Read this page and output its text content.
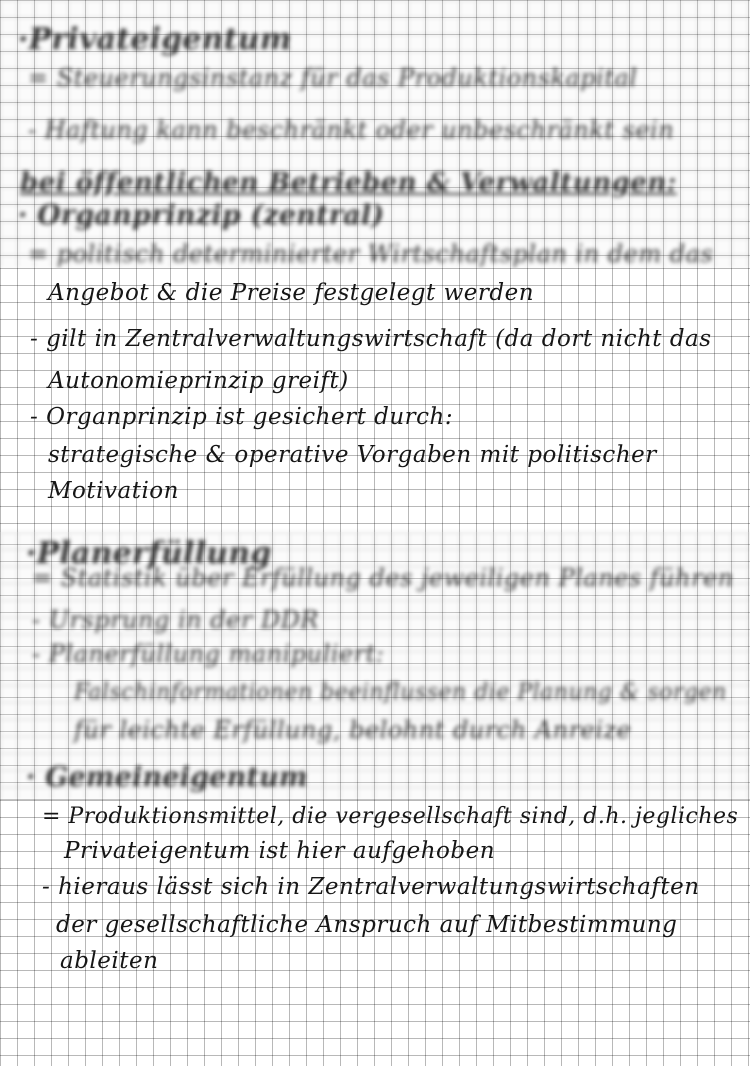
·Privateigentum
= Steuerungsinstanz für das Produktionskapital
- Haftung kann beschränkt oder unbeschränkt sein
bei öffentlichen Betrieben & Verwaltungen:
· Organprinzip (zentral)
= politisch determinierter Wirtschaftsplan in dem das
Angebot & die Preise festgelegt werden
- gilt in Zentralverwaltungswirtschaft (da dort nicht das
Autonomieprinzip greift)
- Organprinzip ist gesichert durch:
strategische & operative Vorgaben mit politischer
Motivation
·Planerfüllung
= Statistik über Erfüllung des jeweiligen Planes führen
- Ursprung in der DDR
- Planerfüllung manipuliert:
Falschinformationen beeinflussen die Planung & sorgen
für leichte Erfüllung, belohnt durch Anreize
· Gemeineigentum
= Produktionsmittel, die vergesellschaft sind, d.h. jegliches
Privateigentum ist hier aufgehoben
- hieraus lässt sich in Zentralverwaltungswirtschaften
der gesellschaftliche Anspruch auf Mitbestimmung
ableiten
